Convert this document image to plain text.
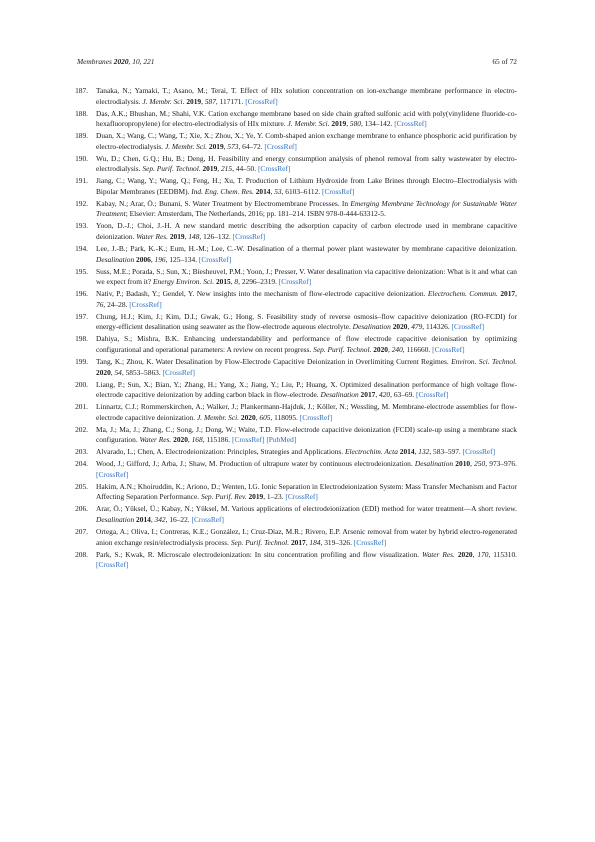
Membranes 2020, 10, 221	65 of 72
187. Tanaka, N.; Yamaki, T.; Asano, M.; Terai, T. Effect of HIx solution concentration on ion-exchange membrane performance in electro-electrodialysis. J. Membr. Sci. 2019, 587, 117171. [CrossRef]
188. Das, A.K.; Bhushan, M.; Shahi, V.K. Cation exchange membrane based on side chain grafted sulfonic acid with poly(vinylidene fluoride-co-hexafluoropropylene) for electro-electrodialysis of HIx mixture. J. Membr. Sci. 2019, 580, 134–142. [CrossRef]
189. Duan, X.; Wang, C.; Wang, T.; Xie, X.; Zhou, X.; Ye, Y. Comb-shaped anion exchange membrane to enhance phosphoric acid purification by electro-electrodialysis. J. Membr. Sci. 2019, 573, 64–72. [CrossRef]
190. Wu, D.; Chen, G.Q.; Hu, B.; Deng, H. Feasibility and energy consumption analysis of phenol removal from salty wastewater by electro-electrodialysis. Sep. Purif. Technol. 2019, 215, 44–50. [CrossRef]
191. Jiang, C.; Wang, Y.; Wang, Q.; Feng, H.; Xu, T. Production of Lithium Hydroxide from Lake Brines through Electro–Electrodialysis with Bipolar Membranes (EEDBM). Ind. Eng. Chem. Res. 2014, 53, 6103–6112. [CrossRef]
192. Kabay, N.; Arar, Ö.; Bunani, S. Water Treatment by Electromembrane Processes. In Emerging Membrane Technology for Sustainable Water Treatment; Elsevier: Amsterdam, The Netherlands, 2016; pp. 181–214. ISBN 978-0-444-63312-5.
193. Yoon, D.-J.; Choi, J.-H. A new standard metric describing the adsorption capacity of carbon electrode used in membrane capacitive deionization. Water Res. 2019, 148, 126–132. [CrossRef]
194. Lee, J.-B.; Park, K.-K.; Eum, H.-M.; Lee, C.-W. Desalination of a thermal power plant wastewater by membrane capacitive deionization. Desalination 2006, 196, 125–134. [CrossRef]
195. Suss, M.E.; Porada, S.; Sun, X.; Biesheuvel, P.M.; Yoon, J.; Presser, V. Water desalination via capacitive deionization: What is it and what can we expect from it? Energy Environ. Sci. 2015, 8, 2296–2319. [CrossRef]
196. Nativ, P.; Badash, Y.; Gendel, Y. New insights into the mechanism of flow-electrode capacitive deionization. Electrochem. Commun. 2017, 76, 24–28. [CrossRef]
197. Chung, H.J.; Kim, J.; Kim, D.I.; Gwak, G.; Hong, S. Feasibility study of reverse osmosis–flow capacitive deionization (RO-FCDI) for energy-efficient desalination using seawater as the flow-electrode aqueous electrolyte. Desalination 2020, 479, 114326. [CrossRef]
198. Dahiya, S.; Mishra, B.K. Enhancing understandability and performance of flow electrode capacitive deionisation by optimizing configurational and operational parameters: A review on recent progress. Sep. Purif. Technol. 2020, 240, 116660. [CrossRef]
199. Tang, K.; Zhou, K. Water Desalination by Flow-Electrode Capacitive Deionization in Overlimiting Current Regimes. Environ. Sci. Technol. 2020, 54, 5853–5863. [CrossRef]
200. Liang, P.; Sun, X.; Bian, Y.; Zhang, H.; Yang, X.; Jiang, Y.; Liu, P.; Huang, X. Optimized desalination performance of high voltage flow-electrode capacitive deionization by adding carbon black in flow-electrode. Desalination 2017, 420, 63–69. [CrossRef]
201. Linnartz, C.J.; Rommerskirchen, A.; Walker, J.; Plankermann-Hajduk, J.; Köller, N.; Wessling, M. Membrane-electrode assemblies for flow-electrode capacitive deionization. J. Membr. Sci. 2020, 605, 118095. [CrossRef]
202. Ma, J.; Ma, J.; Zhang, C.; Song, J.; Dong, W.; Waite, T.D. Flow-electrode capacitive deionization (FCDI) scale-up using a membrane stack configuration. Water Res. 2020, 168, 115186. [CrossRef] [PubMed]
203. Alvarado, L.; Chen, A. Electrodeionization: Principles, Strategies and Applications. Electrochim. Acta 2014, 132, 583–597. [CrossRef]
204. Wood, J.; Gifford, J.; Arba, J.; Shaw, M. Production of ultrapure water by continuous electrodeionization. Desalination 2010, 250, 973–976. [CrossRef]
205. Hakim, A.N.; Khoiruddin, K.; Ariono, D.; Wenten, I.G. Ionic Separation in Electrodeionization System: Mass Transfer Mechanism and Factor Affecting Separation Performance. Sep. Purif. Rev. 2019, 1–23. [CrossRef]
206. Arar, Ö.; Yüksel, Ü.; Kabay, N.; Yüksel, M. Various applications of electrodeionization (EDI) method for water treatment—A short review. Desalination 2014, 342, 16–22. [CrossRef]
207. Ortega, A.; Oliva, I.; Contreras, K.E.; González, I.; Cruz-Díaz, M.R.; Rivero, E.P. Arsenic removal from water by hybrid electro-regenerated anion exchange resin/electrodialysis process. Sep. Purif. Technol. 2017, 184, 319–326. [CrossRef]
208. Park, S.; Kwak, R. Microscale electrodeionization: In situ concentration profiling and flow visualization. Water Res. 2020, 170, 115310. [CrossRef]
